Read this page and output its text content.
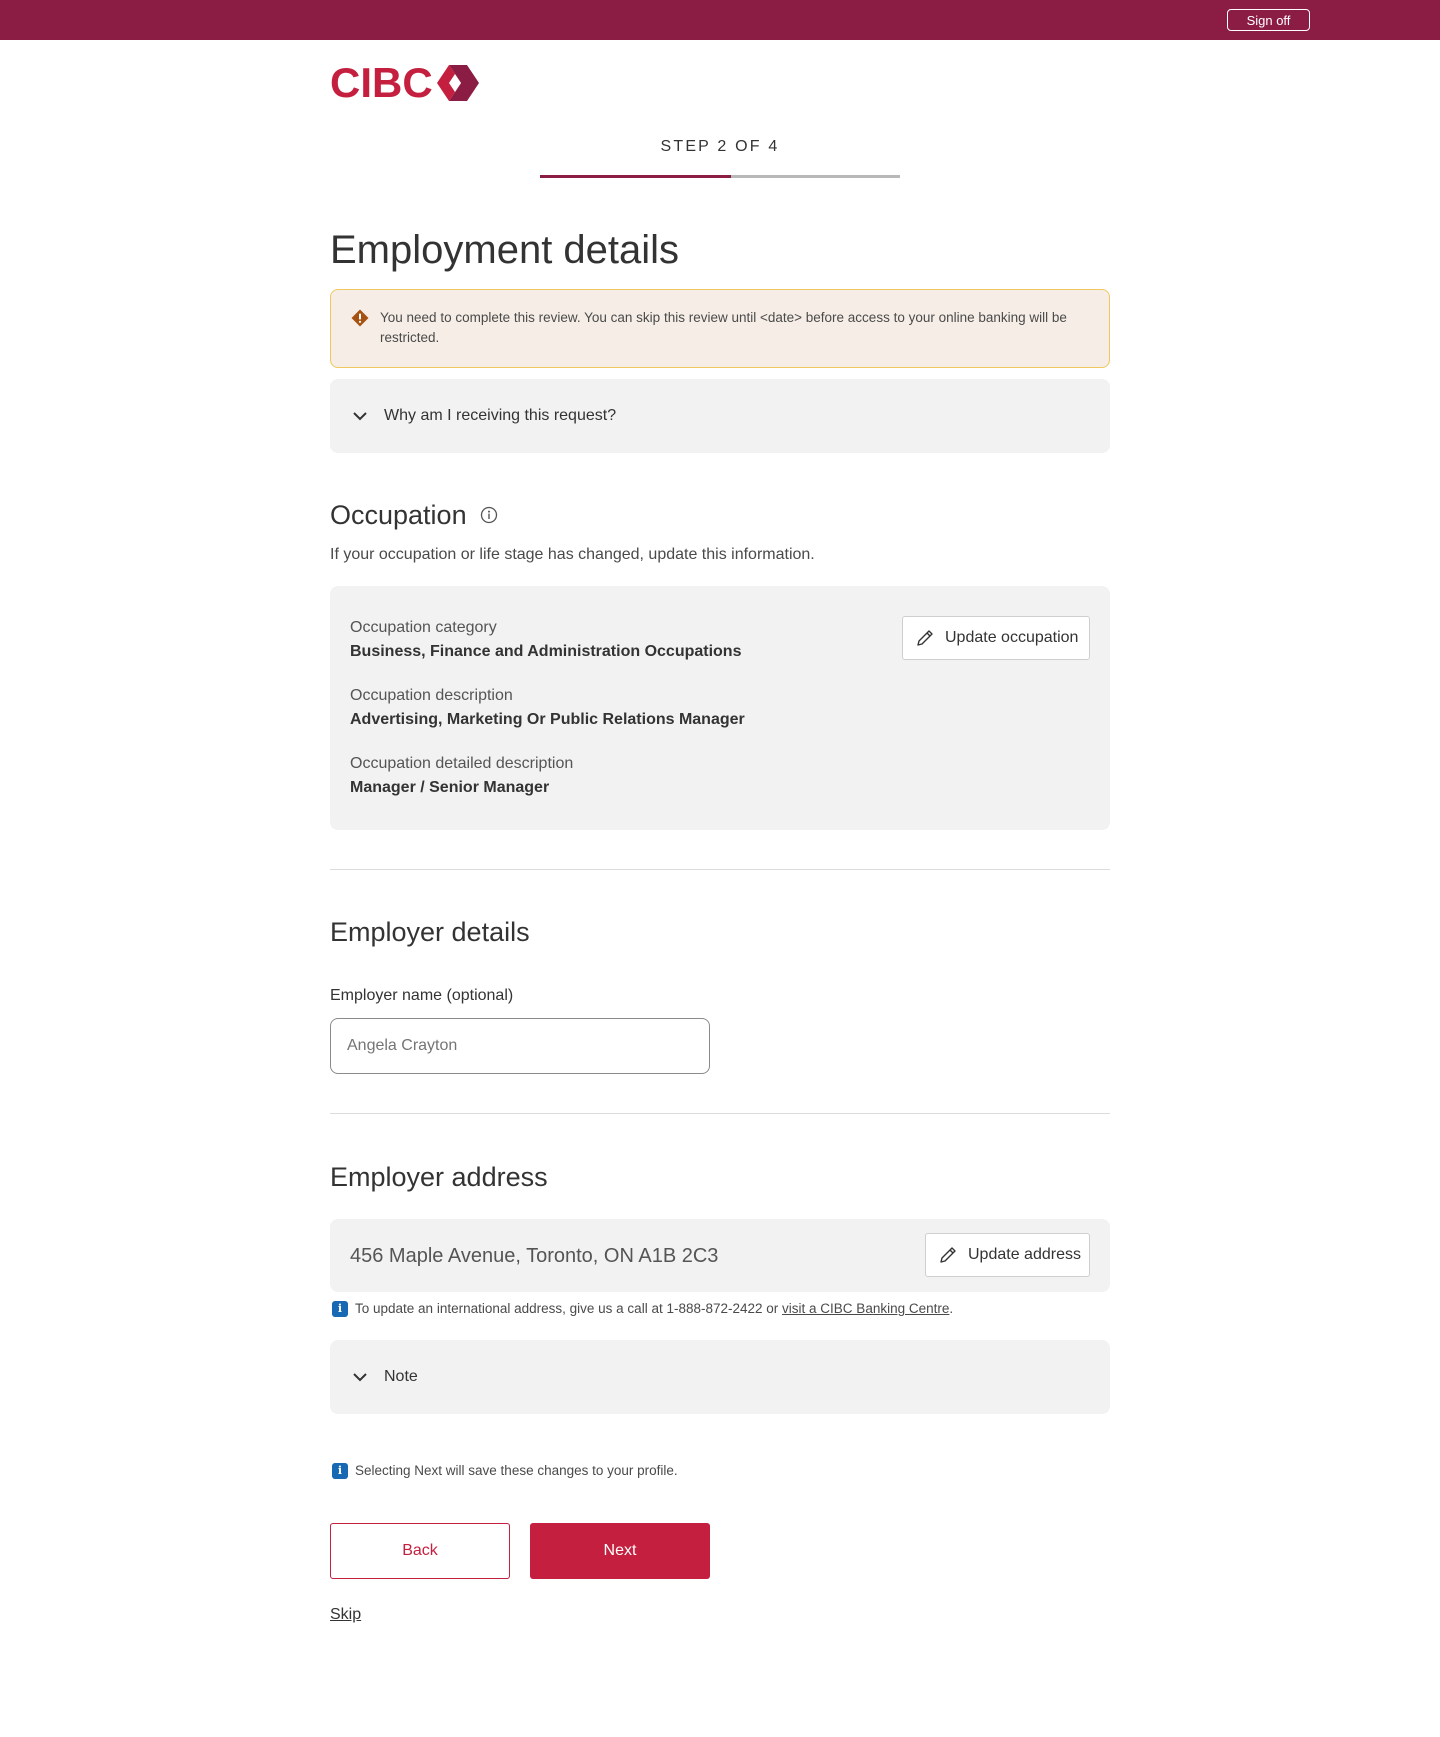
Sign off
CIBC
STEP 2 OF 4
Employment details
You need to complete this review. You can skip this review until <date> before access to your online banking will be restricted.
Why am I receiving this request?
Occupation

If your occupation or life stage has changed, update this information.

Occupation category
Business, Finance and Administration Occupations
Occupation description
Advertising, Marketing Or Public Relations Manager
Occupation detailed description
Manager / Senior Manager
Update occupation
Employer details
Employer name (optional)
Angela Crayton
Employer address
456 Maple Avenue, Toronto, ON A1B 2C3	Update address
i To update an international address, give us a call at 1-888-872-2422 or
visit a CIBC Banking Centre .
Note
i Selecting Next will save these changes to your profile.
Back	Next
Skip
